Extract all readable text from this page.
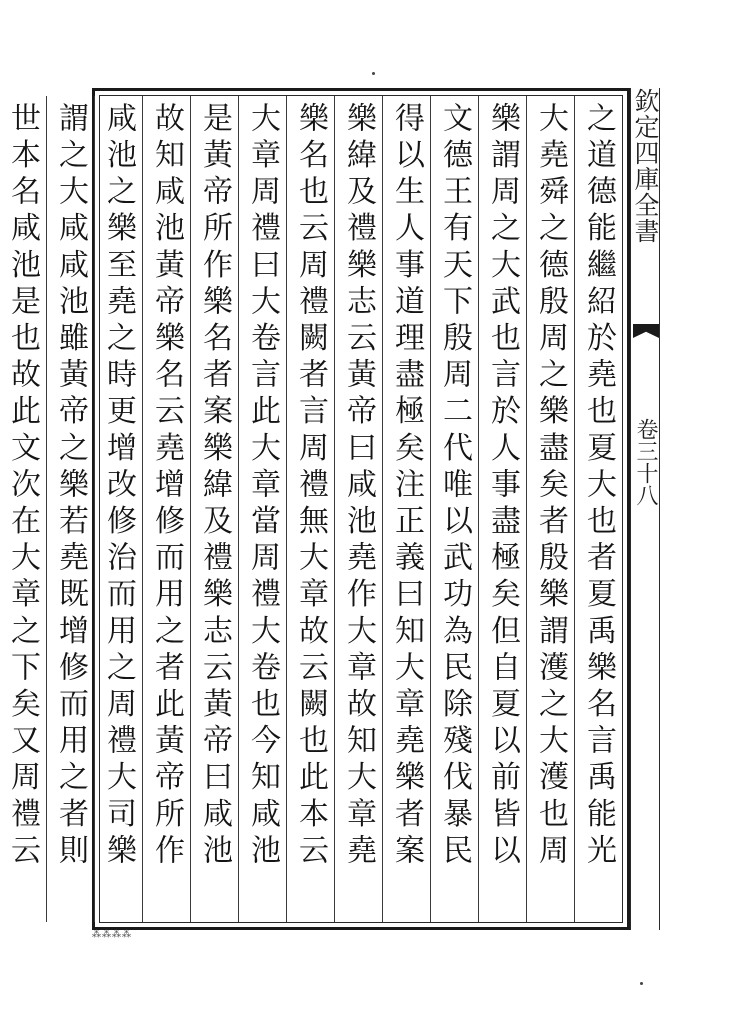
之道德能繼紹於堯也夏大也者夏禹樂名言禹能光
大堯舜之德殷周之樂盡矣者殷樂謂濩之大濩也周
樂謂周之大武也言於人事盡極矣但自夏以前皆以
文德王有天下殷周二代唯以武功為民除殘伐暴民
得以生人事道理盡極矣注正義曰知大章堯樂者案
樂緯及禮樂志云黃帝曰咸池堯作大章故知大章堯
樂名也云周禮闕者言周禮無大章故云闕也此本云
大章周禮曰大卷言此大章當周禮大卷也今知咸池
是黃帝所作樂名者案樂緯及禮樂志云黃帝曰咸池
故知咸池黃帝樂名云堯增修而用之者此黃帝所作
咸池之樂至堯之時更增改修治而用之周禮大司樂
謂之大咸咸池雖黃帝之樂若堯既增修而用之者則
世本名咸池是也故此文次在大章之下矣又周禮云	欽定四庫全書
卷三十八
⁂⁂⁂⁂
